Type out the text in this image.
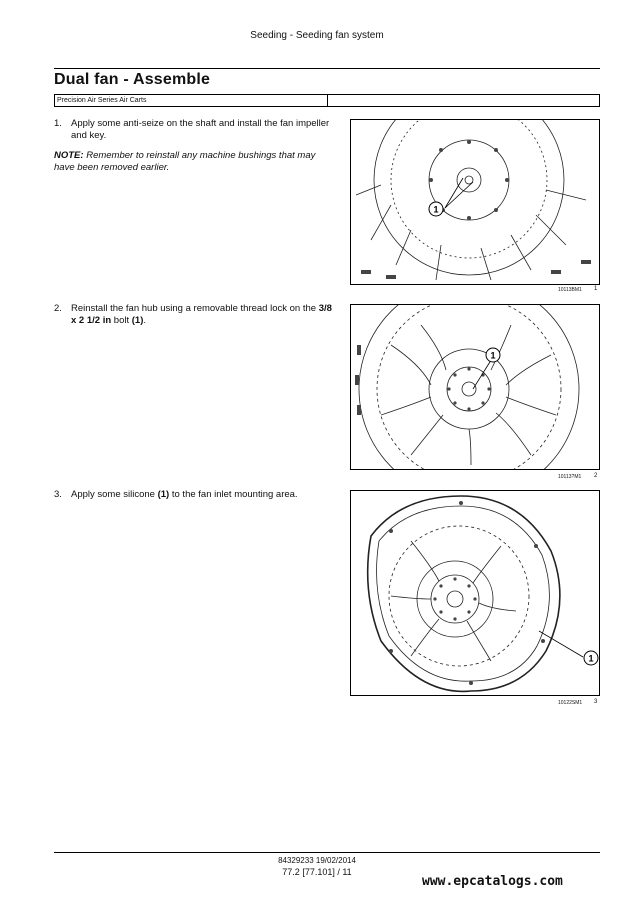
Seeding - Seeding fan system
Dual fan - Assemble
Precision Air Series Air Carts
1. Apply some anti-seize on the shaft and install the fan impeller and key.
NOTE: Remember to reinstall any machine bushings that may have been removed earlier.
1
10113BM1 1
2. Reinstall the fan hub using a removable thread lock on the 3/8 x 2 1/2 in bolt (1).
1
10113?M1 2
3. Apply some silicone (1) to the fan inlet mounting area.
1
10122SM1 3
84329233 19/02/2014
77.2 [77.101] / 11
www.epcatalogs.com
